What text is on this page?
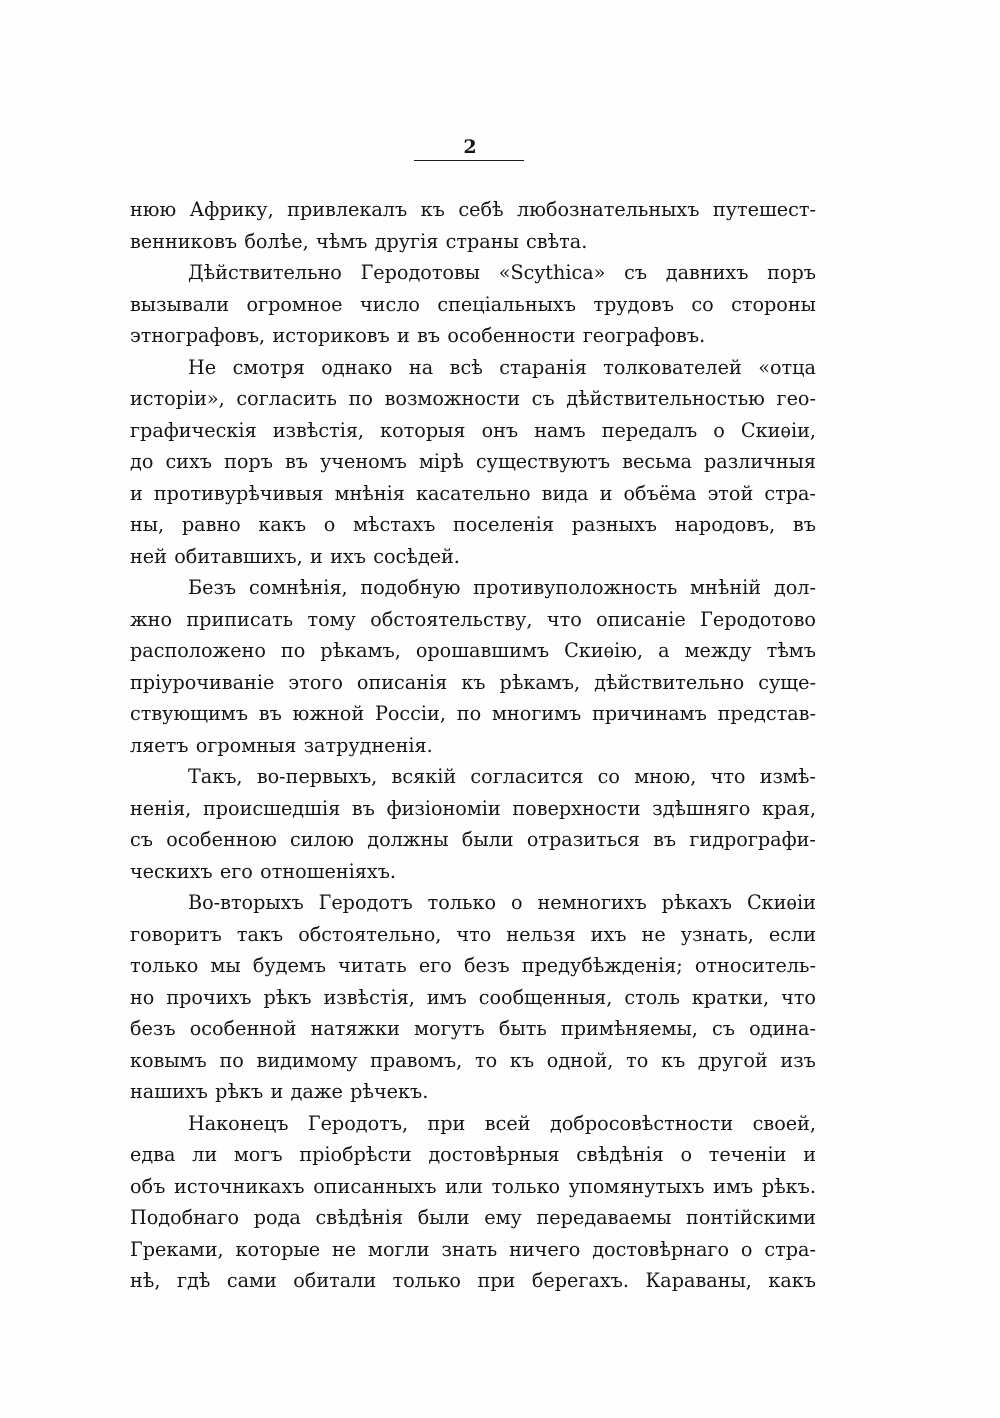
2
нюю Африку, привлекалъ къ себѣ любознательныхъ путешест-
венниковъ болѣе, чѣмъ другія страны свѣта.
Дѣйствительно Геродотовы «Scythica» съ давнихъ поръ
вызывали огромное число спеціальныхъ трудовъ со стороны
этнографовъ, историковъ и въ особенности географовъ.
Не смотря однако на всѣ старанія толкователей «отца
исторіи», согласить по возможности съ дѣйствительностью гео-
графическія извѣстія, которыя онъ намъ передалъ о Скиѳіи,
до сихъ поръ въ ученомъ мірѣ существуютъ весьма различныя
и противурѣчивыя мнѣнія касательно вида и объёма этой стра-
ны, равно какъ о мѣстахъ поселенія разныхъ народовъ, въ
ней обитавшихъ, и ихъ сосѣдей.
Безъ сомнѣнія, подобную противуположность мнѣній дол-
жно приписать тому обстоятельству, что описаніе Геродотово
расположено по рѣкамъ, орошавшимъ Скиѳію, а между тѣмъ
пріурочиваніе этого описанія къ рѣкамъ, дѣйствительно суще-
ствующимъ въ южной Россіи, по многимъ причинамъ представ-
ляетъ огромныя затрудненія.
Такъ, во-первыхъ, всякій согласится со мною, что измѣ-
ненія, происшедшія въ физіономіи поверхности здѣшняго края,
съ особенною силою должны были отразиться въ гидрографи-
ческихъ его отношеніяхъ.
Во-вторыхъ Геродотъ только о немногихъ рѣкахъ Скиѳіи
говоритъ такъ обстоятельно, что нельзя ихъ не узнать, если
только мы будемъ читать его безъ предубѣжденія; относитель-
но прочихъ рѣкъ извѣстія, имъ сообщенныя, столь кратки, что
безъ особенной натяжки могутъ быть примѣняемы, съ одина-
ковымъ по видимому правомъ, то къ одной, то къ другой изъ
нашихъ рѣкъ и даже рѣчекъ.
Наконецъ Геродотъ, при всей добросовѣстности своей,
едва ли могъ пріобрѣсти достовѣрныя свѣдѣнія о теченіи и
объ источникахъ описанныхъ или только упомянутыхъ имъ рѣкъ.
Подобнаго рода свѣдѣнія были ему передаваемы понтійскими
Греками, которые не могли знать ничего достовѣрнаго о стра-
нѣ, гдѣ сами обитали только при берегахъ. Караваны, какъ
